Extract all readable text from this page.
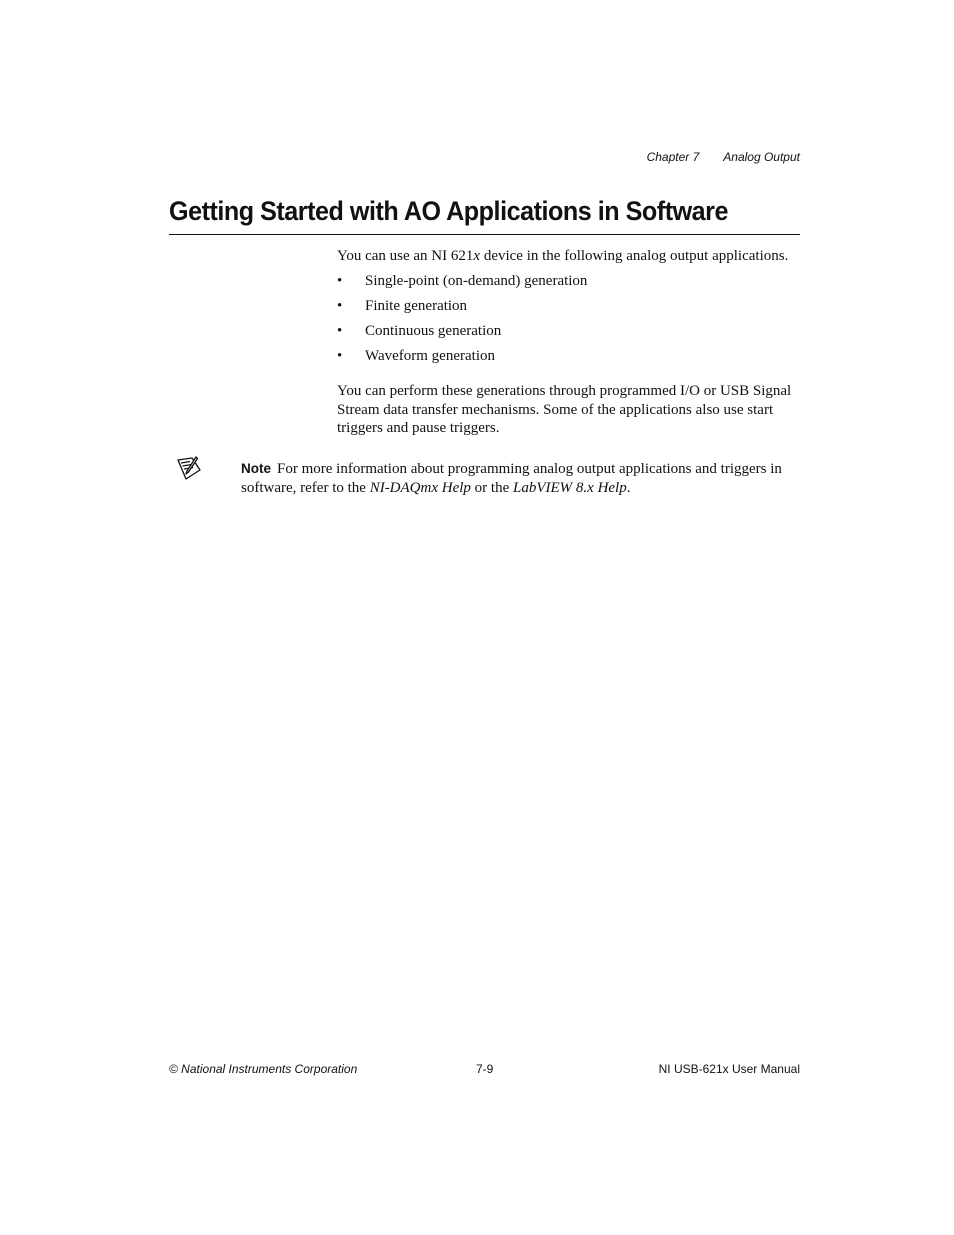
Chapter 7 Analog Output
Getting Started with AO Applications in Software
You can use an NI 621x device in the following analog output applications.
• Single-point (on-demand) generation
• Finite generation
• Continuous generation
• Waveform generation
You can perform these generations through programmed I/O or USB Signal Stream data transfer mechanisms. Some of the applications also use start triggers and pause triggers.
Note For more information about programming analog output applications and triggers in software, refer to the NI-DAQmx Help or the LabVIEW 8.x Help.
© National Instruments Corporation	7-9	NI USB-621x User Manual
